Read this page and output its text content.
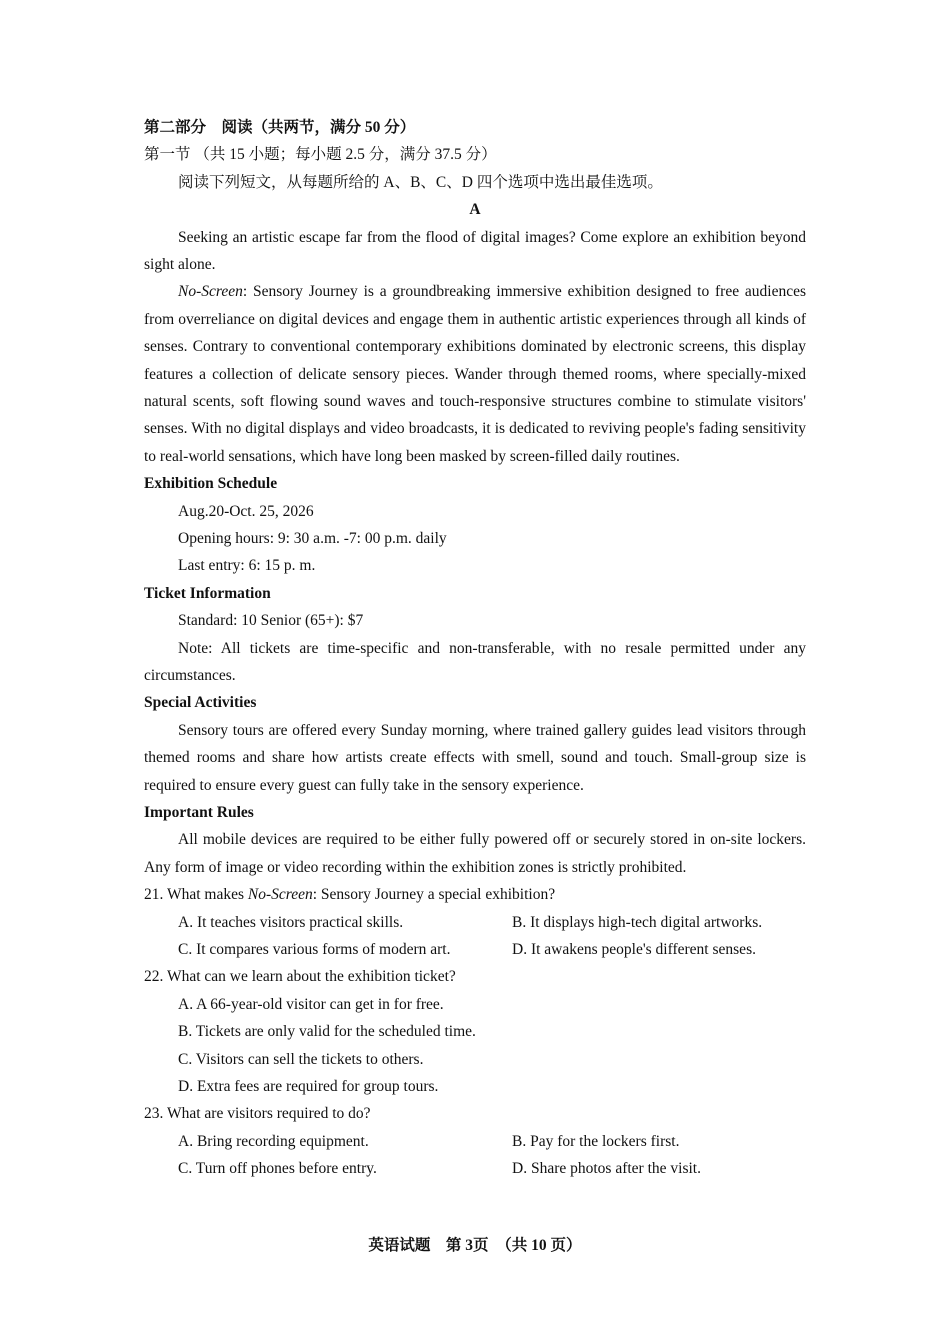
第二部分　阅读（共两节，满分 50 分）
第一节 （共 15 小题；每小题 2.5 分，满分 37.5 分）
阅读下列短文，从每题所给的 A、B、C、D 四个选项中选出最佳选项。
A
Seeking an artistic escape far from the flood of digital images? Come explore an exhibition beyond sight alone.
No-Screen: Sensory Journey is a groundbreaking immersive exhibition designed to free audiences from overreliance on digital devices and engage them in authentic artistic experiences through all kinds of senses. Contrary to conventional contemporary exhibitions dominated by electronic screens, this display features a collection of delicate sensory pieces. Wander through themed rooms, where specially-mixed natural scents, soft flowing sound waves and touch-responsive structures combine to stimulate visitors' senses. With no digital displays and video broadcasts, it is dedicated to reviving people's fading sensitivity to real-world sensations, which have long been masked by screen-filled daily routines.
Exhibition Schedule
Aug.20-Oct. 25, 2026
Opening hours: 9: 30 a.m. -7: 00 p.m. daily
Last entry: 6: 15 p. m.
Ticket Information
Standard: 10 Senior (65+): $7
Note: All tickets are time-specific and non-transferable, with no resale permitted under any circumstances.
Special Activities
Sensory tours are offered every Sunday morning, where trained gallery guides lead visitors through themed rooms and share how artists create effects with smell, sound and touch. Small-group size is required to ensure every guest can fully take in the sensory experience.
Important Rules
All mobile devices are required to be either fully powered off or securely stored in on-site lockers. Any form of image or video recording within the exhibition zones is strictly prohibited.
21. What makes No-Screen: Sensory Journey a special exhibition?
A. It teaches visitors practical skills.	B. It displays high-tech digital artworks.
C. It compares various forms of modern art.	D. It awakens people's different senses.
22. What can we learn about the exhibition ticket?
A. A 66-year-old visitor can get in for free.
B. Tickets are only valid for the scheduled time.
C. Visitors can sell the tickets to others.
D. Extra fees are required for group tours.
23. What are visitors required to do?
A. Bring recording equipment.	B. Pay for the lockers first.
C. Turn off phones before entry.	D. Share photos after the visit.
英语试题　第 3页　（共 10 页）
